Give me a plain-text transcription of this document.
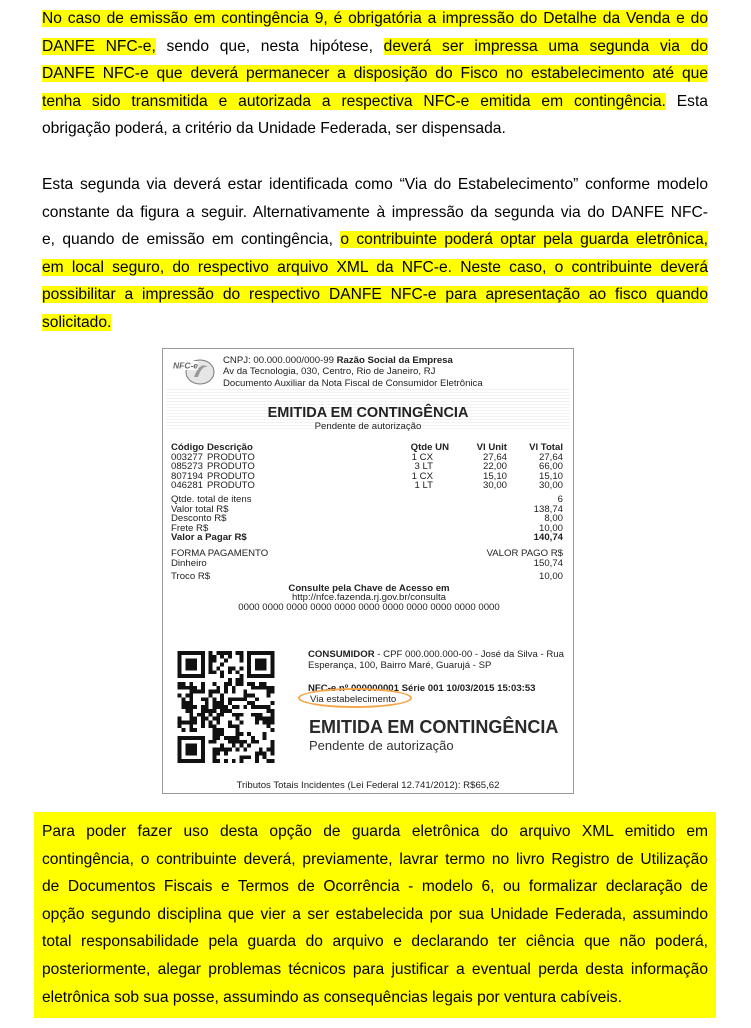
No caso de emissão em contingência 9, é obrigatória a impressão do Detalhe da Venda e do
DANFE NFC-e, sendo que, nesta hipótese, deverá ser impressa uma segunda via do
DANFE NFC-e que deverá permanecer a disposição do Fisco no estabelecimento até que
tenha sido transmitida e autorizada a respectiva NFC-e emitida em contingência. Esta
obrigação poderá, a critério da Unidade Federada, ser dispensada.
Esta segunda via deverá estar identificada como “Via do Estabelecimento” conforme modelo
constante da figura a seguir. Alternativamente à impressão da segunda via do DANFE NFC-
e, quando de emissão em contingência, o contribuinte poderá optar pela guarda eletrônica,
em local seguro, do respectivo arquivo XML da NFC-e. Neste caso, o contribuinte deverá
possibilitar a impressão do respectivo DANFE NFC-e para apresentação ao fisco quando
solicitado.
NFC-e	CNPJ: 00.000.000/000-99 Razão Social da Empresa
Av da Tecnologia, 030, Centro, Rio de Janeiro, RJ
Documento Auxiliar da Nota Fiscal de Consumidor Eletrônica
EMITIDA EM CONTINGÊNCIA
Pendente de autorização
Código Descrição	Qtde UN	Vl Unit Vl Total
003277 PRODUTO	1 CX	27,64	27,64
085273 PRODUTO	3 LT	22,00	66,00
807194 PRODUTO	1 CX	15,10	15,10
046281 PRODUTO	1 LT	30,00	30,00
Qtde. total de itens	6
Valor total R$	138,74
Desconto R$	8,00
Frete R$	10,00
Valor a Pagar R$	140,74
FORMA PAGAMENTO	VALOR PAGO R$
Dinheiro	150,74
Troco R$	10,00
Consulte pela Chave de Acesso em
http://nfce.fazenda.rj.gov.br/consulta
0000 0000 0000 0000 0000 0000 0000 0000 0000 0000 0000
CONSUMIDOR - CPF 000.000.000-00 - José da Silva - Rua
Esperança, 100, Bairro Maré, Guarujá - SP
NFC-e nº 000000001 Série 001 10/03/2015 15:03:53
Via estabelecimento
EMITIDA EM CONTINGÊNCIA
Pendente de autorização
Tributos Totais Incidentes (Lei Federal 12.741/2012): R$65,62
Para poder fazer uso desta opção de guarda eletrônica do arquivo XML emitido em
contingência, o contribuinte deverá, previamente, lavrar termo no livro Registro de Utilização
de Documentos Fiscais e Termos de Ocorrência - modelo 6, ou formalizar declaração de
opção segundo disciplina que vier a ser estabelecida por sua Unidade Federada, assumindo
total responsabilidade pela guarda do arquivo e declarando ter ciência que não poderá,
posteriormente, alegar problemas técnicos para justificar a eventual perda desta informação
eletrônica sob sua posse, assumindo as consequências legais por ventura cabíveis.
